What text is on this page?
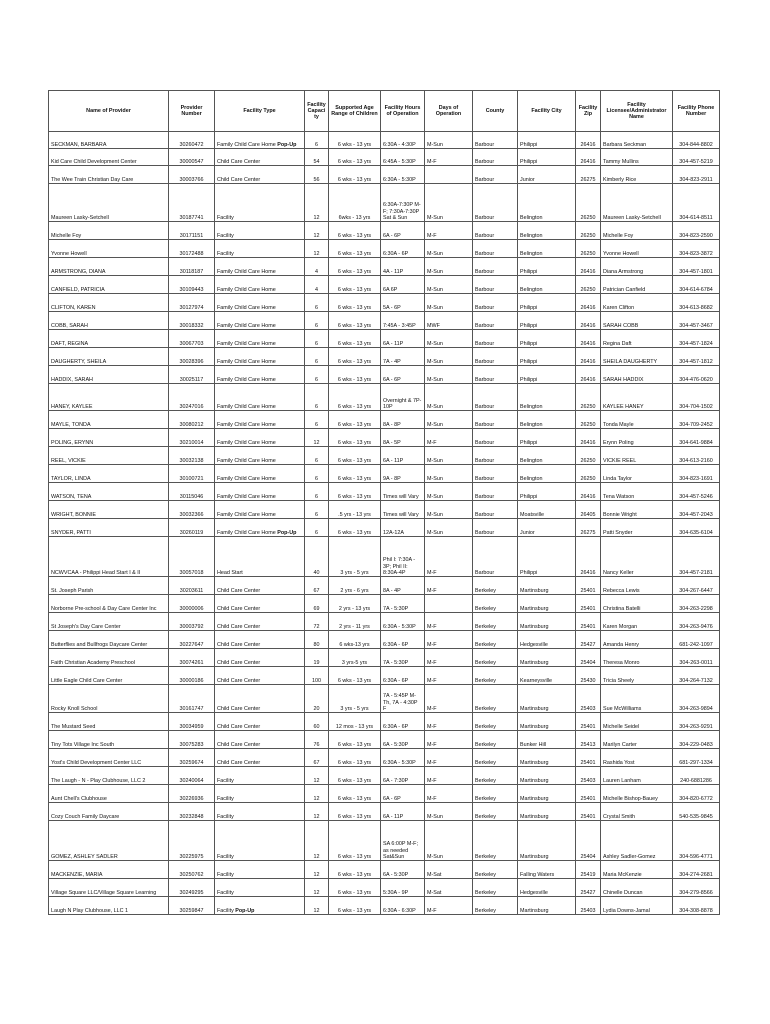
Name of Provider	Provider Number	Facility Type	Facility Capacity	Supported Age Range of Children	Facility Hours of Operation	Days of Operation	County	Facility City	Facility Zip	Facility Licensee/Administrator Name	Facility Phone Number
SECKMAN, BARBARA	30260472	Family Child Care Home Pop-Up	6	6 wks - 13 yrs	6:30A - 4:30P	M-Sun	Barbour	Philippi	26416	Barbara Seckman	304-844-8802
Kid Care Child Development Center	30000547	Child Care Center	54	6 wks - 13 yrs	6:45A - 5:30P	M-F	Barbour	Philippi	26416	Tammy Mullins	304-457-5219
The Wee Train Christian Day Care	30003766	Child Care Center	56	6 wks - 13 yrs	6:30A - 5:30P		Barbour	Junior	26275	Kimberly Rice	304-823-2911
Maureen Lasky-Setchell	30187741	Facility	12	6wks - 13 yrs	6:30A-7:30P M-F; 7:30A-7:30P Sat & Sun	M-Sun	Barbour	Belington	26250	Maureen Lasky-Setchell	304-614-8511
Michelle Foy	30171151	Facility	12	6 wks - 13 yrs	6A - 6P	M-F	Barbour	Belington	26250	Michelle Foy	304-823-2590
Yvonne Howell	30172488	Facility	12	6 wks - 13 yrs	6:30A - 6P	M-Sun	Barbour	Belington	26250	Yvonne Howell	304-823-3872
ARMSTRONG, DIANA	30118187	Family Child Care Home	4	6 wks - 13 yrs	4A - 11P	M-Sun	Barbour	Philippi	26416	Diana Armstrong	304-457-1801
CANFIELD, PATRICIA	30109443	Family Child Care Home	4	6 wks - 13 yrs	6A 6P	M-Sun	Barbour	Belington	26250	Patrician Canfield	304-614-6784
CLIFTON, KAREN	30127974	Family Child Care Home	6	6 wks - 13 yrs	5A - 6P	M-Sun	Barbour	Philippi	26416	Karen Clifton	304-613-8682
COBB, SARAH	30018332	Family Child Care Home	6	6 wks - 13 yrs	7:45A - 3:45P	MWF	Barbour	Philippi	26416	SARAH COBB	304-457-3467
DAFT, REGINA	30067703	Family Child Care Home	6	6 wks - 13 yrs	6A - 11P	M-Sun	Barbour	Philippi	26416	Regina Daft	304-457-1824
DAUGHERTY, SHEILA	30028396	Family Child Care Home	6	6 wks - 13 yrs	7A - 4P	M-Sun	Barbour	Philippi	26416	SHEILA DAUGHERTY	304-457-1812
HADDIX, SARAH	30025117	Family Child Care Home	6	6 wks - 13 yrs	6A - 6P	M-Sun	Barbour	Philippi	26416	SARAH HADDIX	304-476-0620
HANEY, KAYLEE	30247016	Family Child Care Home	6	6 wks - 13 yrs	Overnight & 7P-10P	M-Sun	Barbour	Belington	26250	KAYLEE HANEY	304-704-1502
MAYLE, TONDA	30080212	Family Child Care Home	6	6 wks - 13 yrs	8A - 8P	M-Sun	Barbour	Belington	26250	Tonda Mayle	304-709-2452
POLING, ERYNN	30210014	Family Child Care Home	12	6 wks - 13 yrs	8A - 5P	M-F	Barbour	Philippi	26416	Erynn Poling	304-641-9884
REEL, VICKIE	30032138	Family Child Care Home	6	6 wks - 13 yrs	6A - 11P	M-Sun	Barbour	Belington	26250	VICKIE REEL	304-613-2160
TAYLOR, LINDA	30100721	Family Child Care Home	6	6 wks - 13 yrs	9A - 8P	M-Sun	Barbour	Belington	26250	Linda Taylor	304-823-1691
WATSON, TENA	30115046	Family Child Care Home	6	6 wks - 13 yrs	Times will Vary	M-Sun	Barbour	Philippi	26416	Tena Watson	304-457-5246
WRIGHT, BONNIE	30032366	Family Child Care Home	6	.5 yrs - 13 yrs	Times will Vary	M-Sun	Barbour	Moatsville	26405	Bonnie Wright	304-457-2043
SNYDER, PATTI	30260119	Family Child Care Home Pop-Up	6	6 wks - 13 yrs	12A-12A	M-Sun	Barbour	Junior	26275	Patti Snyder	304-635-6104
NCWVCAA - Philippi Head Start I & II	30057018	Head Start	40	3 yrs - 5 yrs	Phil I: 7:30A - 3P; Phil II: 8:30A-4P	M-F	Barbour	Philippi	26416	Nancy Keller	304-457-2181
St. Joseph Parish	30203611	Child Care Center	67	2 yrs - 6 yrs	8A - 4P	M-F	Berkeley	Martinsburg	25401	Rebecca Lewis	304-267-6447
Norborne Pre-school & Day Care Center Inc	30000006	Child Care Center	69	2 yrs - 13 yrs	7A - 5:30P		Berkeley	Martinsburg	25401	Christina Batelli	304-263-2298
St Joseph's Day Care Center	30003792	Child Care Center	72	2 yrs - 11 yrs	6:30A - 5:30P	M-F	Berkeley	Martinsburg	25401	Karen Morgan	304-263-9476
Butterflies and Bullfrogs Daycare Center	30227647	Child Care Center	80	6 wks-13 yrs	6:30A - 6P	M-F	Berkeley	Hedgesville	25427	Amanda Henry	681-242-1097
Faith Christian Academy Preschool	30074261	Child Care Center	19	3 yrs-5 yrs	7A - 5:30P	M-F	Berkeley	Martinsburg	25404	Theresa Monro	304-263-0011
Little Eagle Child Care Center	30000186	Child Care Center	100	6 wks - 13 yrs	6:30A - 6P	M-F	Berkeley	Kearneysville	25430	Tricia Sheely	304-264-7132
Rocky Knoll School	30161747	Child Care Center	20	3 yrs - 5 yrs	7A - 5:45P M-Th, 7A - 4:30P F	M-F	Berkeley	Martinsburg	25403	Sue McWilliams	304-263-9894
The Mustard Seed	30034959	Child Care Center	60	12 mos - 13 yrs	6:30A - 6P	M-F	Berkeley	Martinsburg	25401	Michelle Seidel	304-263-9291
Tiny Tots Village Inc South	30075283	Child Care Center	76	6 wks - 13 yrs	6A - 5:30P	M-F	Berkeley	Bunker Hill	25413	Marilyn Carter	304-229-0483
Yost's Child Development Center LLC	30259674	Child Care Center	67	6 wks - 13 yrs	6:30A - 5:30P	M-F	Berkeley	Martinsburg	25401	Rashida Yost	681-297-1334
The Laugh - N - Play Clubhouse, LLC 2	30240064	Facility	12	6 wks - 13 yrs	6A - 7:30P	M-F	Berkeley	Martinsburg	25403	Lauren Lanham	240-6881286
Aunt Chell's Clubhouse	30226936	Facility	12	6 wks - 13 yrs	6A - 6P	M-F	Berkeley	Martinsburg	25401	Michelle Bishop-Bauey	304-820-6772
Cozy Couch Family Daycare	30232848	Facility	12	6 wks - 13 yrs	6A - 11P	M-Sun	Berkeley	Martinsburg	25401	Crystal Smith	540-535-9845
GOMEZ, ASHLEY SADLER	30225975	Facility	12	6 wks - 13 yrs	SA 6:00P M-F; as needed Sat&Sun	M-Sun	Berkeley	Martinsburg	25404	Ashley Sadler-Gomez	304-596-4771
MACKENZIE, MARIA	30250762	Facility	12	6 wks - 13 yrs	6A - 5:30P	M-Sat	Berkeley	Falling Waters	25419	Maria McKenzie	304-274-2681
Village Square LLC/Village Square Learning	30249295	Facility	12	6 wks - 13 yrs	5:30A - 9P	M-Sat	Berkeley	Hedgesville	25427	Chinelle Duncan	304-279-8566
Laugh N Play Clubhouse, LLC 1	30259847	Facility Pop-Up	12	6 wks - 13 yrs	6:30A - 6:30P	M-F	Berkeley	Martinsburg	25403	Lydia Downs-Jamal	304-308-8878
